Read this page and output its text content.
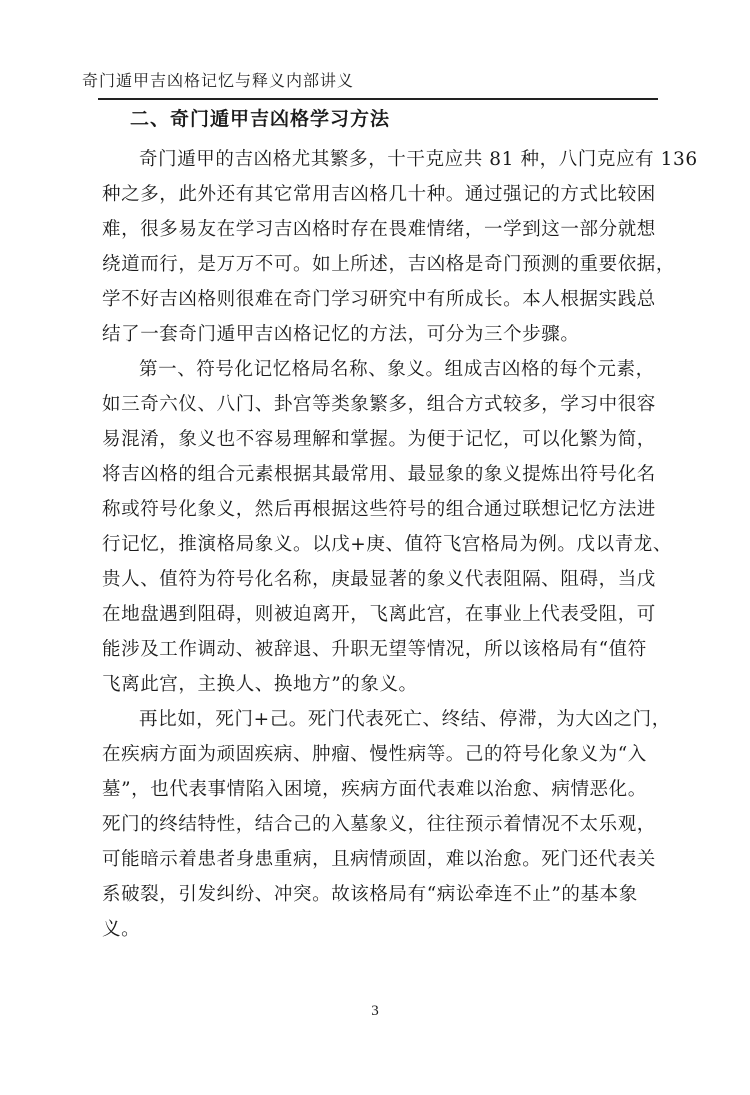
奇门遁甲吉凶格记忆与释义内部讲义
二、奇门遁甲吉凶格学习方法
奇门遁甲的吉凶格尤其繁多，十干克应共 81 种，八门克应有 136
种之多，此外还有其它常用吉凶格几十种。通过强记的方式比较困
难，很多易友在学习吉凶格时存在畏难情绪，一学到这一部分就想
绕道而行，是万万不可。如上所述，吉凶格是奇门预测的重要依据，
学不好吉凶格则很难在奇门学习研究中有所成长。本人根据实践总
结了一套奇门遁甲吉凶格记忆的方法，可分为三个步骤。
第一、符号化记忆格局名称、象义。组成吉凶格的每个元素，
如三奇六仪、八门、卦宫等类象繁多，组合方式较多，学习中很容
易混淆，象义也不容易理解和掌握。为便于记忆，可以化繁为简，
将吉凶格的组合元素根据其最常用、最显象的象义提炼出符号化名
称或符号化象义，然后再根据这些符号的组合通过联想记忆方法进
行记忆，推演格局象义。以戊+庚、值符飞宫格局为例。戊以青龙、
贵人、值符为符号化名称，庚最显著的象义代表阻隔、阻碍，当戊
在地盘遇到阻碍，则被迫离开，飞离此宫，在事业上代表受阻，可
能涉及工作调动、被辞退、升职无望等情况，所以该格局有“值符
飞离此宫，主换人、换地方”的象义。
再比如，死门+己。死门代表死亡、终结、停滞，为大凶之门，
在疾病方面为顽固疾病、肿瘤、慢性病等。己的符号化象义为“入
墓”，也代表事情陷入困境，疾病方面代表难以治愈、病情恶化。
死门的终结特性，结合己的入墓象义，往往预示着情况不太乐观，
可能暗示着患者身患重病，且病情顽固，难以治愈。死门还代表关
系破裂，引发纠纷、冲突。故该格局有“病讼牵连不止”的基本象
义。
3
